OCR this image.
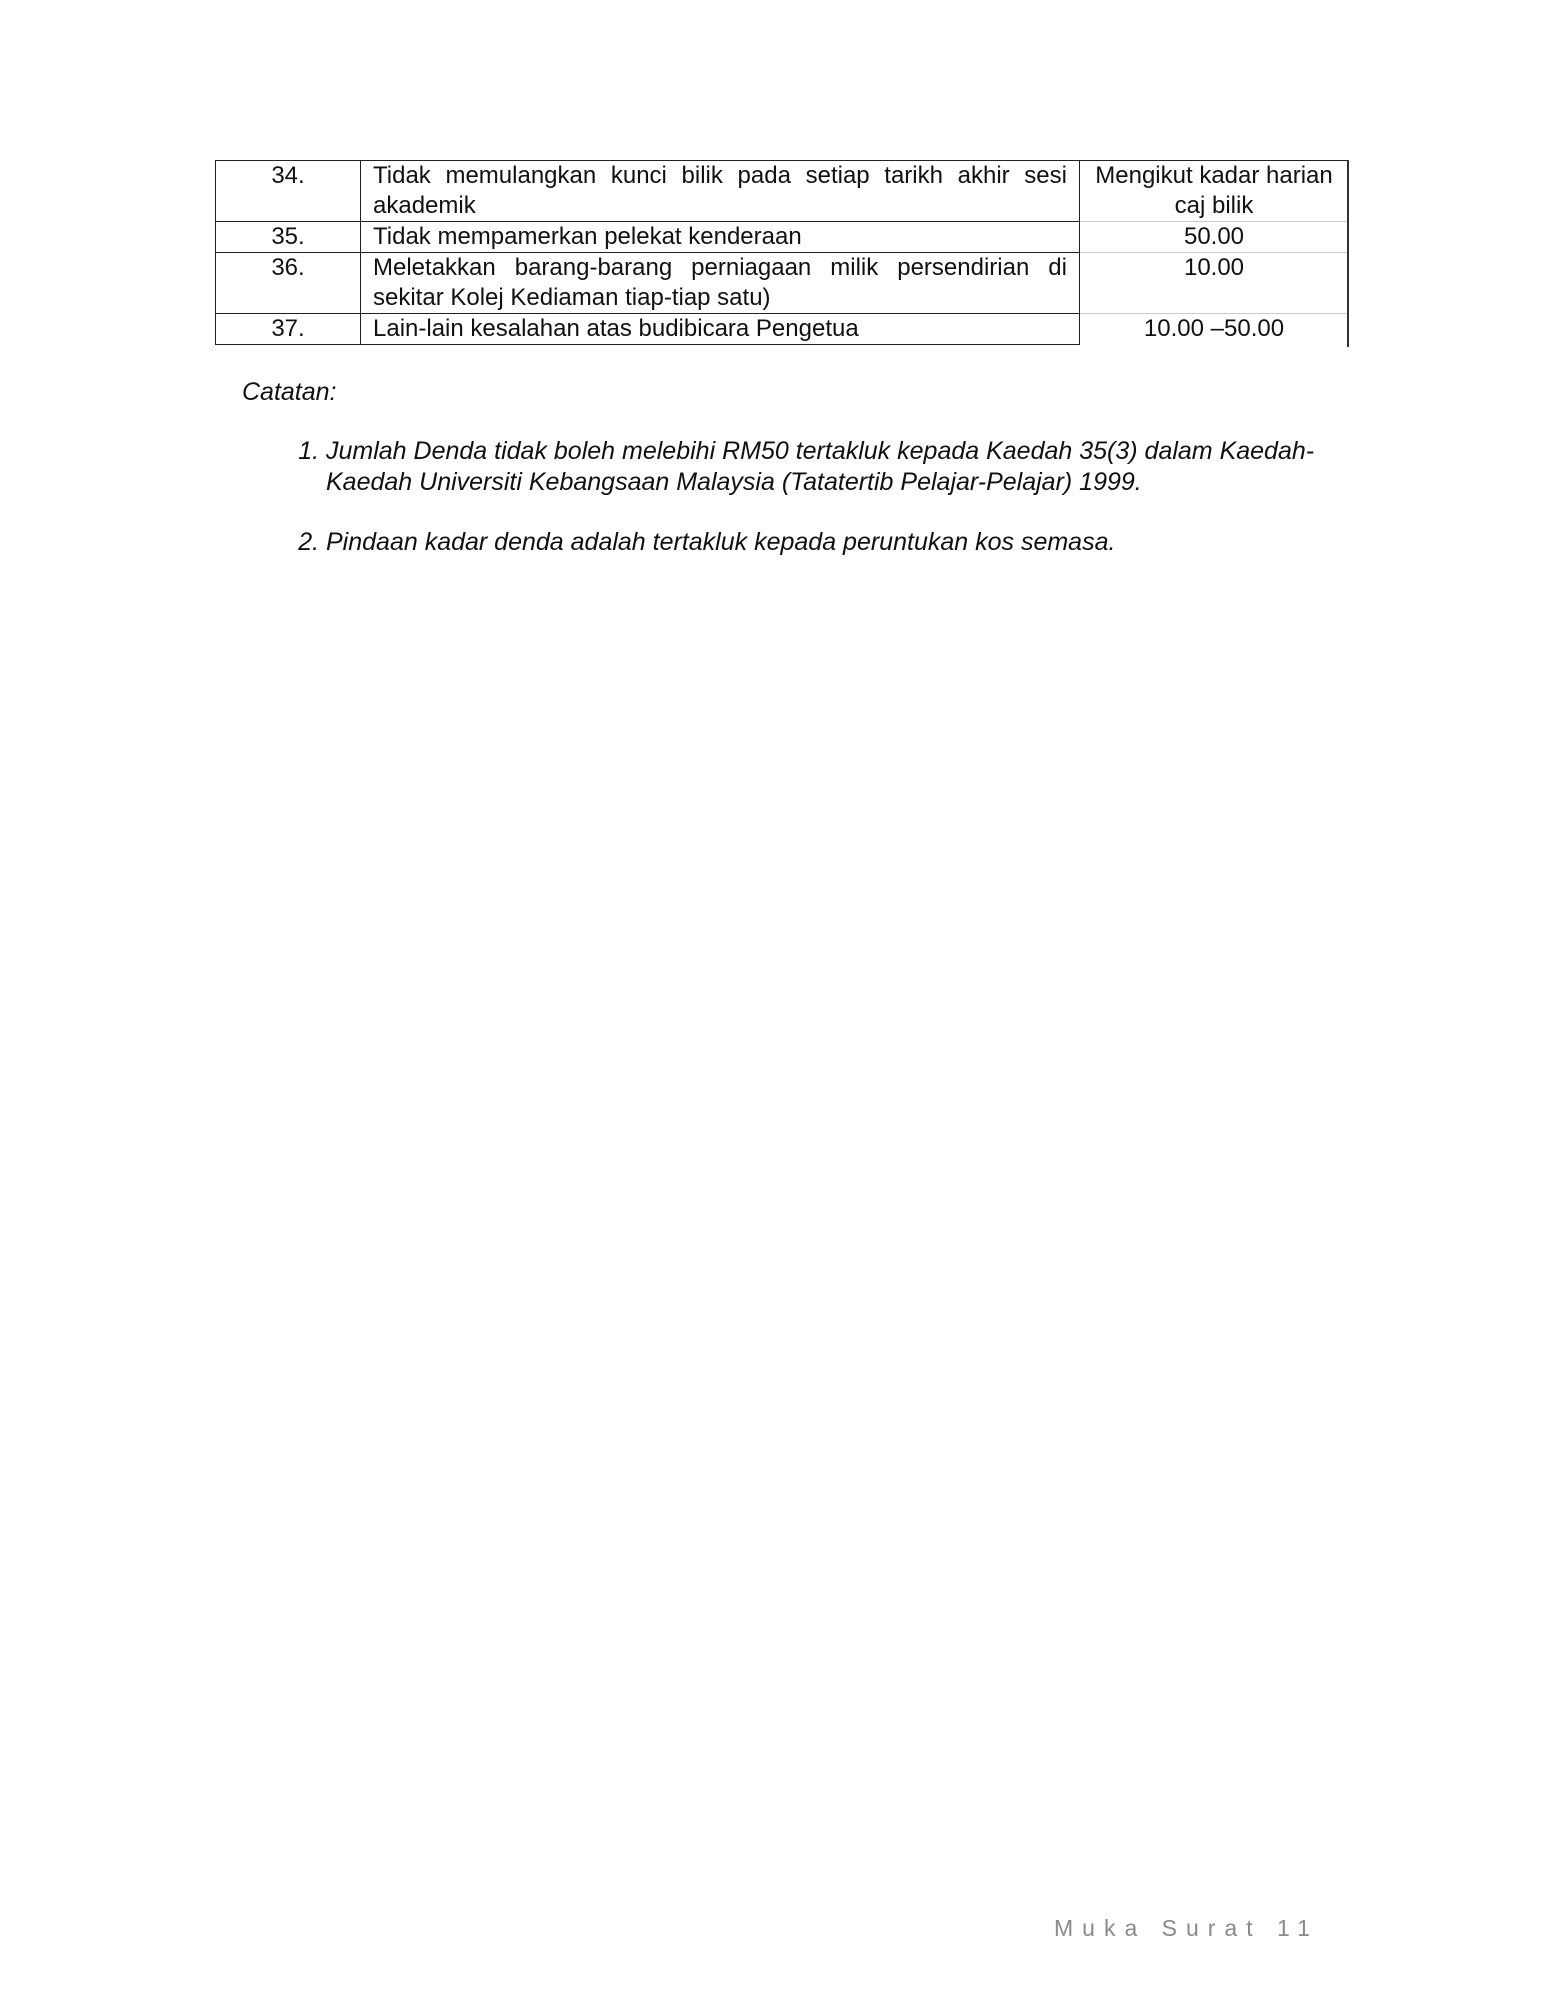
34.	Tidak memulangkan kunci bilik pada setiap tarikh akhir sesi akademik	Mengikut kadar harian caj bilik
35.	Tidak mempamerkan pelekat kenderaan	50.00
36.	Meletakkan barang-barang perniagaan milik persendirian di sekitar Kolej Kediaman tiap-tiap satu)	10.00
37.	Lain-lain kesalahan atas budibicara Pengetua	10.00 –50.00
Catatan:
1. Jumlah Denda tidak boleh melebihi RM50 tertakluk kepada Kaedah 35(3) dalam Kaedah-Kaedah Universiti Kebangsaan Malaysia (Tatatertib Pelajar-Pelajar) 1999.
2. Pindaan kadar denda adalah tertakluk kepada peruntukan kos semasa.
Muka Surat 11
